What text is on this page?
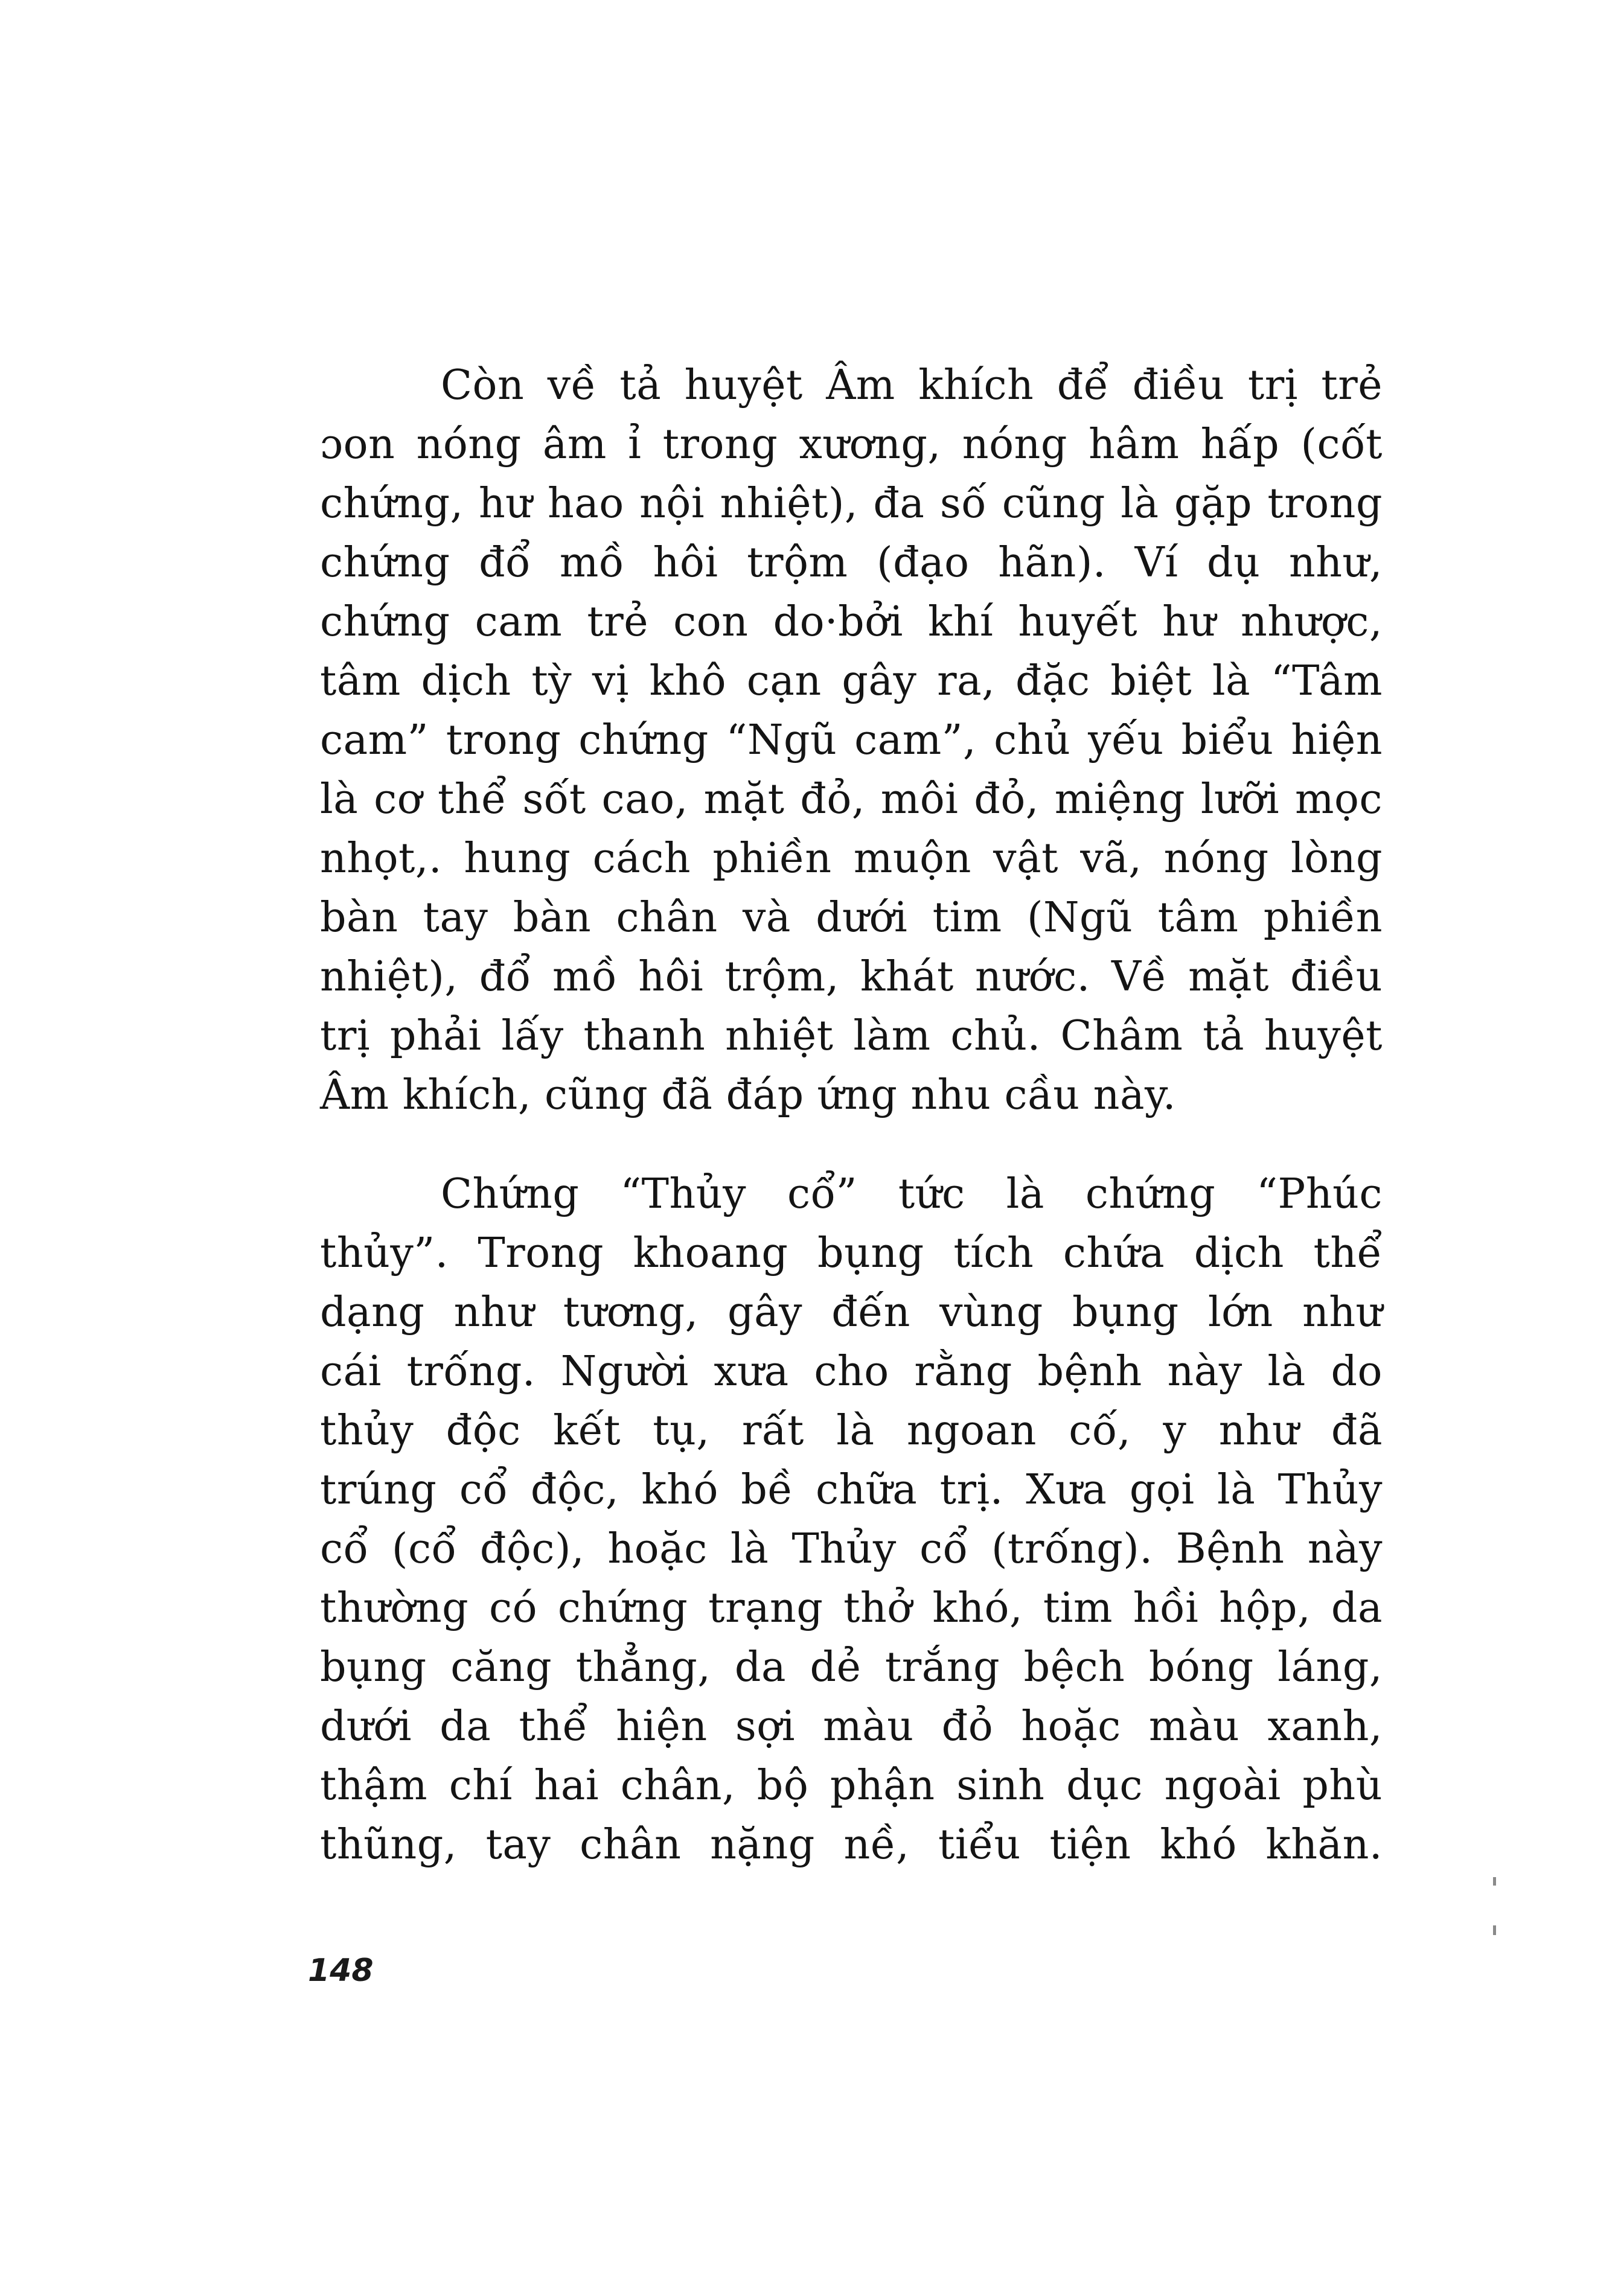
Còn về tả huyệt Âm khích để điều trị trẻ
ɔon nóng âm ỉ trong xương, nóng hâm hấp (cốt
chứng, hư hao nội nhiệt), đa số cũng là gặp trong
chứng đổ mồ hôi trộm (đạo hãn). Ví dụ như,
chứng cam trẻ con do·bởi khí huyết hư nhược,
tâm dịch tỳ vị khô cạn gây ra, đặc biệt là “Tâm
cam” trong chứng “Ngũ cam”, chủ yếu biểu hiện
là cơ thể sốt cao, mặt đỏ, môi đỏ, miệng lưỡi mọc
nhọt,. hung cách phiền muộn vật vã, nóng lòng
bàn tay bàn chân và dưới tim (Ngũ tâm phiền
nhiệt), đổ mồ hôi trộm, khát nước. Về mặt điều
trị phải lấy thanh nhiệt làm chủ. Châm tả huyệt
Âm khích, cũng đã đáp ứng nhu cầu này.
Chứng “Thủy cổ” tức là chứng “Phúc
thủy”. Trong khoang bụng tích chứa dịch thể
dạng như tương, gây đến vùng bụng lớn như
cái trống. Người xưa cho rằng bệnh này là do
thủy độc kết tụ, rất là ngoan cố, y như đã
trúng cổ độc, khó bề chữa trị. Xưa gọi là Thủy
cổ (cổ độc), hoặc là Thủy cổ (trống). Bệnh này
thường có chứng trạng thở khó, tim hồi hộp, da
bụng căng thẳng, da dẻ trắng bệch bóng láng,
dưới da thể hiện sợi màu đỏ hoặc màu xanh,
thậm chí hai chân, bộ phận sinh dục ngoài phù
thũng, tay chân nặng nề, tiểu tiện khó khăn.
148
